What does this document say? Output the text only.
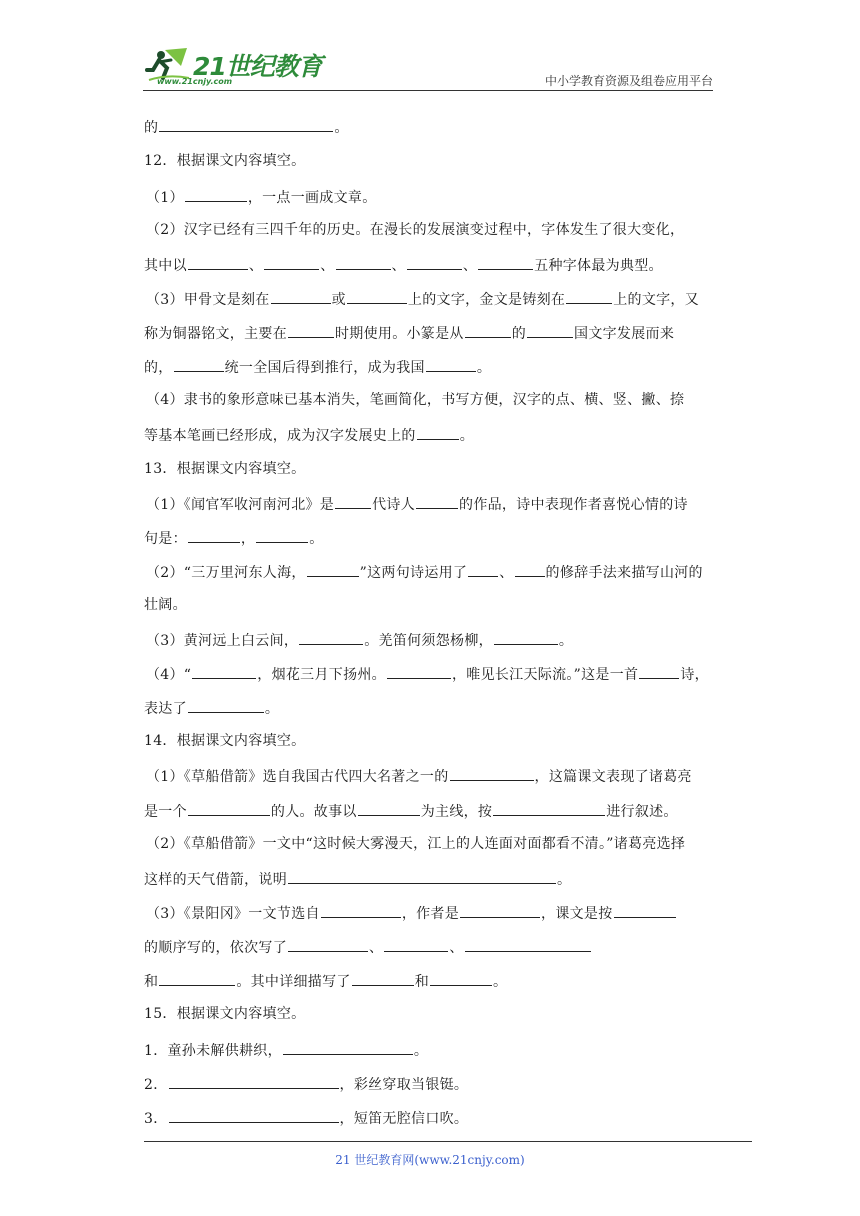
21世纪教育
www.21cnjy.com	中小学教育资源及组卷应用平台
的	。
12．根据课文内容填空。
（1）	，一点一画成文章。
（2）汉字已经有三四千年的历史。在漫长的发展演变过程中，字体发生了很大变化，
其中以	、	、	、	、	五种字体最为典型。
（3）甲骨文是刻在	或	上的文字，金文是铸刻在	上的文字，又
称为铜器铭文，主要在	时期使用。小篆是从	的	国文字发展而来
的，	统一全国后得到推行，成为我国	。
（4）隶书的象形意味已基本消失，笔画简化，书写方便，汉字的点、横、竖、撇、捺
等基本笔画已经形成，成为汉字发展史上的	。
13．根据课文内容填空。
（1）《闻官军收河南河北》是	代诗人	的作品，诗中表现作者喜悦心情的诗
句是：	，	。
（2）“三万里河东人海，	”这两句诗运用了 、 的修辞手法来描写山河的
壮阔。
（3）黄河远上白云间，	。羌笛何须怨杨柳，	。
（4）“	，烟花三月下扬州。	，唯见长江天际流。”这是一首	诗，
表达了	。
14．根据课文内容填空。
（1）《草船借箭》选自我国古代四大名著之一的	，这篇课文表现了诸葛亮
是一个	的人。故事以	为主线，按	进行叙述。
（2）《草船借箭》一文中“这时候大雾漫天，江上的人连面对面都看不清。”诸葛亮选择
这样的天气借箭，说明	。
（3）《景阳冈》一文节选自	，作者是	，课文是按
的顺序写的，依次写了	、	、
和	。其中详细描写了	和	。
15．根据课文内容填空。
1．童孙未解供耕织，	。
2．	，彩丝穿取当银铤。
3．	，短笛无腔信口吹。
21 世纪教育网(www.21cnjy.com)
